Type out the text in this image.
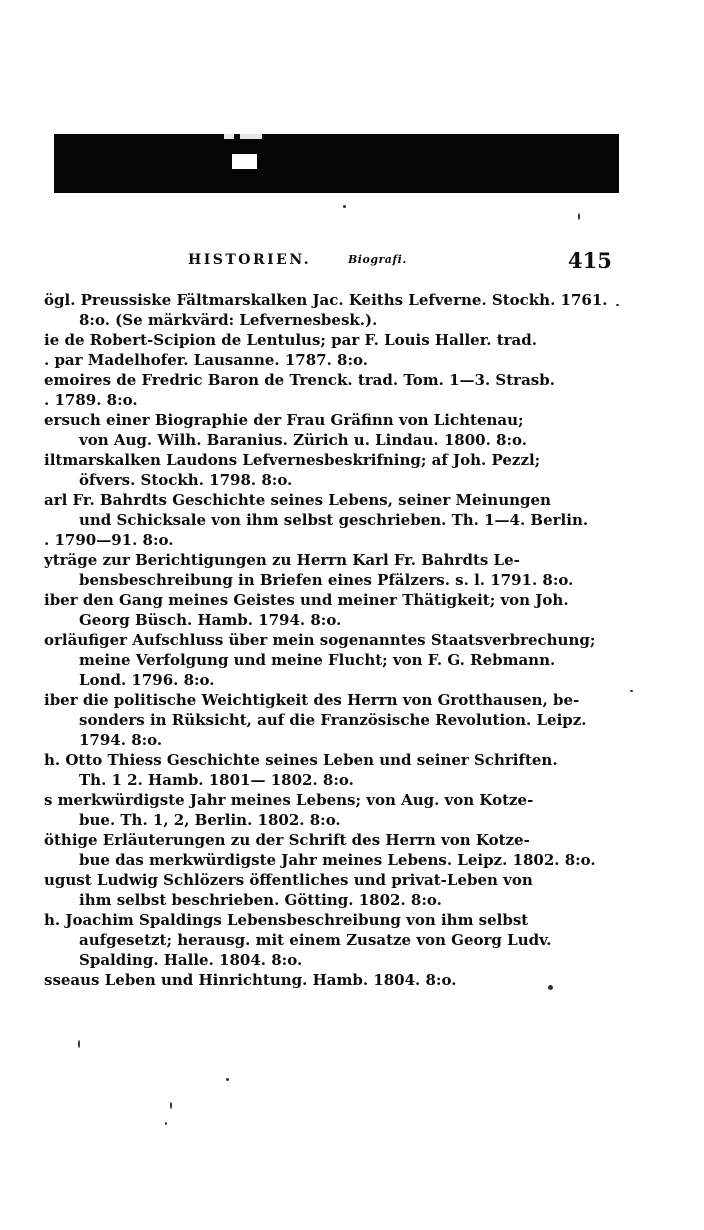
HISTORIEN.	Biografi.	415
ögl. Preussiske Fältmarskalken Jac. Keiths Lefverne. Stockh. 1761.
8:o. (Se märkvärd: Lefvernesbesk.).
ie de Robert-Scipion de Lentulus; par F. Louis Haller. trad.
. par Madelhofer. Lausanne. 1787. 8:o.
emoires de Fredric Baron de Trenck. trad. Tom. 1—3. Strasb.
. 1789. 8:o.
ersuch einer Biographie der Frau Gräfinn von Lichtenau;
von Aug. Wilh. Baranius. Zürich u. Lindau. 1800. 8:o.
iltmarskalken Laudons Lefvernesbeskrifning; af Joh. Pezzl;
öfvers. Stockh. 1798. 8:o.
arl Fr. Bahrdts Geschichte seines Lebens, seiner Meinungen
und Schicksale von ihm selbst geschrieben. Th. 1—4. Berlin.
. 1790—91. 8:o.
yträge zur Berichtigungen zu Herrn Karl Fr. Bahrdts Le-
bensbeschreibung in Briefen eines Pfälzers. s. l. 1791. 8:o.
iber den Gang meines Geistes und meiner Thätigkeit; von Joh.
Georg Büsch. Hamb. 1794. 8:o.
orläufiger Aufschluss über mein sogenanntes Staatsverbrechung;
meine Verfolgung und meine Flucht; von F. G. Rebmann.
Lond. 1796. 8:o.
iber die politische Weichtigkeit des Herrn von Grotthausen, be-
sonders in Rüksicht, auf die Französische Revolution. Leipz.
1794. 8:o.
h. Otto Thiess Geschichte seines Leben und seiner Schriften.
Th. 1 2. Hamb. 1801— 1802. 8:o.
s merkwürdigste Jahr meines Lebens; von Aug. von Kotze-
bue. Th. 1, 2, Berlin. 1802. 8:o.
öthige Erläuterungen zu der Schrift des Herrn von Kotze-
bue das merkwürdigste Jahr meines Lebens. Leipz. 1802. 8:o.
ugust Ludwig Schlözers öffentliches und privat-Leben von
ihm selbst beschrieben. Götting. 1802. 8:o.
h. Joachim Spaldings Lebensbeschreibung von ihm selbst
aufgesetzt; herausg. mit einem Zusatze von Georg Ludv.
Spalding. Halle. 1804. 8:o.
sseaus Leben und Hinrichtung. Hamb. 1804. 8:o.
